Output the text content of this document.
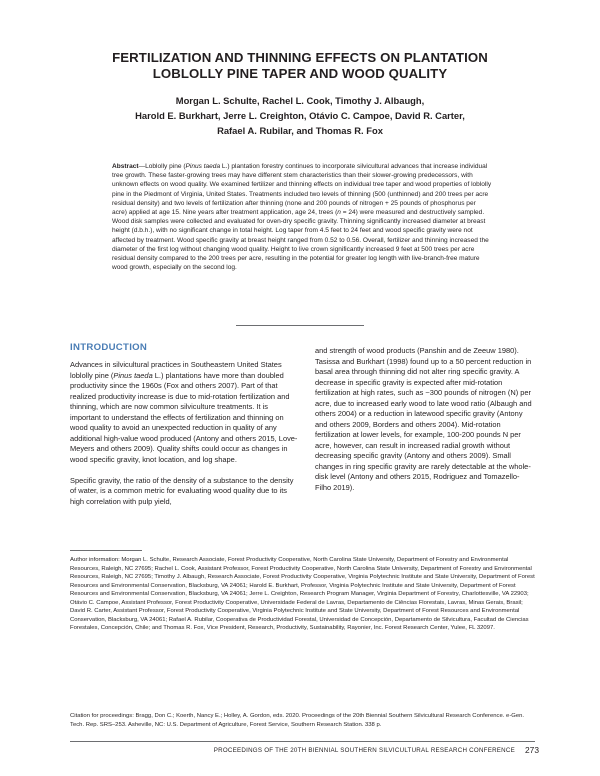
FERTILIZATION AND THINNING EFFECTS ON PLANTATION
LOBLOLLY PINE TAPER AND WOOD QUALITY
Morgan L. Schulte, Rachel L. Cook, Timothy J. Albaugh,
Harold E. Burkhart, Jerre L. Creighton, Otávio C. Campoe, David R. Carter,
Rafael A. Rubilar, and Thomas R. Fox
Abstract—Loblolly pine (Pinus taeda L.) plantation forestry continues to incorporate silvicultural advances that increase individual tree growth. These faster-growing trees may have different stem characteristics than their slower-growing predecessors, with unknown effects on wood quality. We examined fertilizer and thinning effects on individual tree taper and wood properties of loblolly pine in the Piedmont of Virginia, United States. Treatments included two levels of thinning (500 (unthinned) and 200 trees per acre residual density) and two levels of fertilization after thinning (none and 200 pounds of nitrogen + 25 pounds of phosphorus per acre) applied at age 15. Nine years after treatment application, age 24, trees (n = 24) were measured and destructively sampled. Wood disk samples were collected and evaluated for oven-dry specific gravity. Thinning significantly increased diameter at breast height (d.b.h.), with no significant change in total height. Log taper from 4.5 feet to 24 feet and wood specific gravity were not affected by treatment. Wood specific gravity at breast height ranged from 0.52 to 0.56. Overall, fertilizer and thinning increased the diameter of the first log without changing wood quality. Height to live crown significantly increased 9 feet at 500 trees per acre residual density compared to the 200 trees per acre, resulting in the potential for greater log length with live-branch-free mature wood growth, especially on the second log.
INTRODUCTION

Advances in silvicultural practices in Southeastern United States loblolly pine (Pinus taeda L.) plantations have more than doubled productivity since the 1960s (Fox and others 2007). Part of that realized productivity increase is due to mid-rotation fertilization and thinning, which are now common silviculture treatments. It is important to understand the effects of fertilization and thinning on wood quality to avoid an unexpected reduction in quality of any additional high-value wood produced (Antony and others 2015, Love-Meyers and others 2009). Quality shifts could occur as changes in wood specific gravity, knot location, and log shape.

Specific gravity, the ratio of the density of a substance to the density of water, is a common metric for evaluating wood quality due to its high correlation with pulp yield,

and strength of wood products (Panshin and de Zeeuw 1980). Tasissa and Burkhart (1998) found up to a 50 percent reduction in basal area through thinning did not alter ring specific gravity. A decrease in specific gravity is expected after mid-rotation fertilization at high rates, such as ~300 pounds of nitrogen (N) per acre, due to increased early wood to late wood ratio (Albaugh and others 2004) or a reduction in latewood specific gravity (Antony and others 2009, Borders and others 2004). Mid-rotation fertilization at lower levels, for example, 100-200 pounds N per acre, however, can result in increased radial growth without decreasing specific gravity (Antony and others 2009). Small changes in ring specific gravity are rarely detectable at the whole-disk level (Antony and others 2015, Rodriguez and Tomazello-Filho 2019).

Author information: Morgan L. Schulte, Research Associate, Forest Productivity Cooperative, North Carolina State University, Department of Forestry and Environmental Resources, Raleigh, NC 27695; Rachel L. Cook, Assistant Professor, Forest Productivity Cooperative, North Carolina State University, Department of Forestry and Environmental Resources, Raleigh, NC 27695; Timothy J. Albaugh, Research Associate, Forest Productivity Cooperative, Virginia Polytechnic Institute and State University, Department of Forest Resources and Environmental Conservation, Blacksburg, VA 24061; Harold E. Burkhart, Professor, Virginia Polytechnic Institute and State University, Department of Forest Resources and Environmental Conservation, Blacksburg, VA 24061; Jerre L. Creighton, Research Program Manager, Virginia Department of Forestry, Charlottesville, VA 22903; Otávio C. Campoe, Assistant Professor, Forest Productivity Cooperative, Universidade Federal de Lavras, Departamento de Ciências Florestais, Lavras, Minas Gerais, Brasil; David R. Carter, Assistant Professor, Forest Productivity Cooperative, Virginia Polytechnic Institute and State University, Department of Forest Resources and Environmental Conservation, Blacksburg, VA 24061; Rafael A. Rubilar, Cooperativa de Productividad Forestal, Universidad de Concepción, Departamento de Silvicultura, Facultad de Ciencias Forestales, Concepción, Chile; and Thomas R. Fox, Vice President, Research, Productivity, Sustainability, Rayonier, Inc. Forest Research Center, Yulee, FL 32097.
Citation for proceedings: Bragg, Don C.; Koerth, Nancy E.; Holley, A. Gordon, eds. 2020. Proceedings of the 20th Biennial Southern Silvicultural Research Conference. e-Gen. Tech. Rep. SRS–253. Asheville, NC: U.S. Department of Agriculture, Forest Service, Southern Research Station. 338 p.
PROCEEDINGS OF THE 20TH BIENNIAL SOUTHERN SILVICULTURAL RESEARCH CONFERENCE 273
